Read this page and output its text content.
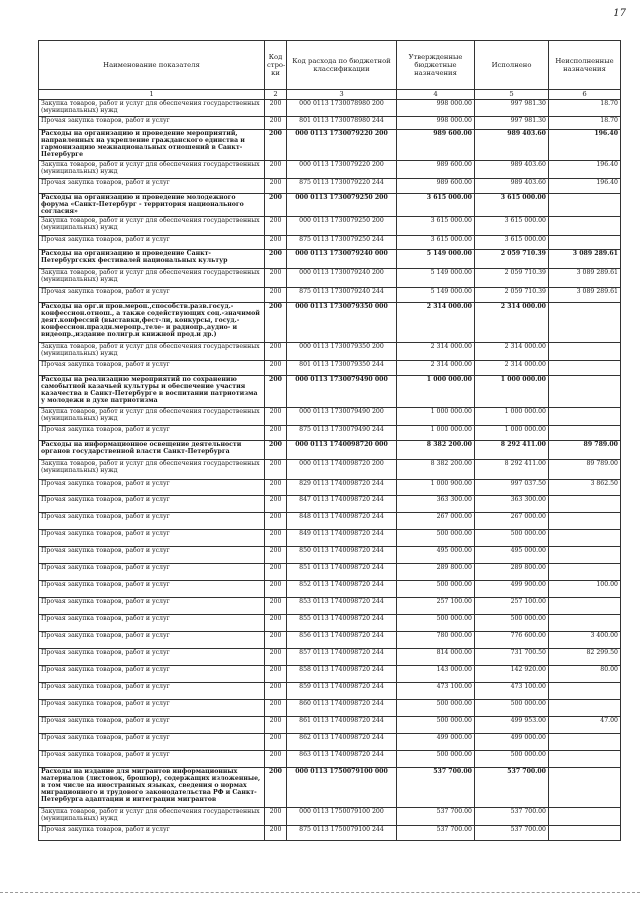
17
Наименование показателя	Код стро-ки	Код расхода по бюджетной классификации	Утвержденные бюджетные назначения	Исполнено	Неисполненные назначения
1	2	3	4	5	6
Закупка товаров, работ и услуг для обеспечения государственных (муниципальных) нужд	200	000 0113 1730078980 200	998 000.00	997 981.30	18.70
Прочая закупка товаров, работ и услуг	200	801 0113 1730078980 244	998 000.00	997 981.30	18.70
Расходы на организацию и проведение мероприятий, направленных на укрепление гражданского единства и гармонизацию межнациональных отношений в Санкт-Петербурге	200	000 0113 1730079220 200	989 600.00	989 403.60	196.40
Закупка товаров, работ и услуг для обеспечения государственных (муниципальных) нужд	200	000 0113 1730079220 200	989 600.00	989 403.60	196.40
Прочая закупка товаров, работ и услуг	200	875 0113 1730079220 244	989 600.00	989 403.60	196.40
Расходы на организацию и проведение молодежного форума «Санкт-Петербург - территория национального согласия»	200	000 0113 1730079250 200	3 615 000.00	3 615 000.00	
Закупка товаров, работ и услуг для обеспечения государственных (муниципальных) нужд	200	000 0113 1730079250 200	3 615 000.00	3 615 000.00	
Прочая закупка товаров, работ и услуг	200	875 0113 1730079250 244	3 615 000.00	3 615 000.00	
Расходы на организацию и проведение Санкт-Петербургских фестивалей национальных культур	200	000 0113 1730079240 000	5 149 000.00	2 059 710.39	3 089 289.61
Закупка товаров, работ и услуг для обеспечения государственных (муниципальных) нужд	200	000 0113 1730079240 200	5 149 000.00	2 059 710.39	3 089 289.61
Прочая закупка товаров, работ и услуг	200	875 0113 1730079240 244	5 149 000.00	2 059 710.39	3 089 289.61
Расходы на орг.и пров.мероп.,способств.разв.госуд.-конфессион.отнош., а также содействующих соц.-значимой деят.конфессий (выставки,фест-ли, конкурсы, госуд.-конфессион.праздн.меропр.,теле- и радиопр.,аудио- и видеопр.,издание полигр.и книжной прод.и др.)	200	000 0113 1730079350 000	2 314 000.00	2 314 000.00	
Закупка товаров, работ и услуг для обеспечения государственных (муниципальных) нужд	200	000 0113 1730079350 200	2 314 000.00	2 314 000.00	
Прочая закупка товаров, работ и услуг	200	801 0113 1730079350 244	2 314 000.00	2 314 000.00	
Расходы на реализацию мероприятий по сохранению самобытной казачьей культуры и обеспечение участия казачества в Санкт-Петербурге в воспитании патриотизма у молодежи в духе патриотизма	200	000 0113 1730079490 000	1 000 000.00	1 000 000.00	
Закупка товаров, работ и услуг для обеспечения государственных (муниципальных) нужд	200	000 0113 1730079490 200	1 000 000.00	1 000 000.00	
Прочая закупка товаров, работ и услуг	200	875 0113 1730079490 244	1 000 000.00	1 000 000.00	
Расходы на информационное освещение деятельности органов государственной власти Санкт-Петербурга	200	000 0113 1740098720 000	8 382 200.00	8 292 411.00	89 789.00
Закупка товаров, работ и услуг для обеспечения государственных (муниципальных) нужд	200	000 0113 1740098720 200	8 382 200.00	8 292 411.00	89 789.00
Прочая закупка товаров, работ и услуг	200	829 0113 1740098720 244	1 000 900.00	997 037.50	3 862.50
Прочая закупка товаров, работ и услуг	200	847 0113 1740098720 244	363 300.00	363 300.00	
Прочая закупка товаров, работ и услуг	200	848 0113 1740098720 244	267 000.00	267 000.00	
Прочая закупка товаров, работ и услуг	200	849 0113 1740098720 244	500 000.00	500 000.00	
Прочая закупка товаров, работ и услуг	200	850 0113 1740098720 244	495 000.00	495 000.00	
Прочая закупка товаров, работ и услуг	200	851 0113 1740098720 244	289 800.00	289 800.00	
Прочая закупка товаров, работ и услуг	200	852 0113 1740098720 244	500 000.00	499 900.00	100.00
Прочая закупка товаров, работ и услуг	200	853 0113 1740098720 244	257 100.00	257 100.00	
Прочая закупка товаров, работ и услуг	200	855 0113 1740098720 244	500 000.00	500 000.00	
Прочая закупка товаров, работ и услуг	200	856 0113 1740098720 244	780 000.00	776 600.00	3 400.00
Прочая закупка товаров, работ и услуг	200	857 0113 1740098720 244	814 000.00	731 700.50	82 299.50
Прочая закупка товаров, работ и услуг	200	858 0113 1740098720 244	143 000.00	142 920.00	80.00
Прочая закупка товаров, работ и услуг	200	859 0113 1740098720 244	473 100.00	473 100.00	
Прочая закупка товаров, работ и услуг	200	860 0113 1740098720 244	500 000.00	500 000.00	
Прочая закупка товаров, работ и услуг	200	861 0113 1740098720 244	500 000.00	499 953.00	47.00
Прочая закупка товаров, работ и услуг	200	862 0113 1740098720 244	499 000.00	499 000.00	
Прочая закупка товаров, работ и услуг	200	863 0113 1740098720 244	500 000.00	500 000.00	
Расходы на издание для мигрантов информационных материалов (листовок, брошюр), содержащих изложенные, в том числе на иностранных языках, сведения о нормах миграционного и трудового законодательства РФ и Санкт-Петербурга адаптации и интеграции мигрантов	200	000 0113 1750079100 000	537 700.00	537 700.00	
Закупка товаров, работ и услуг для обеспечения государственных (муниципальных) нужд	200	000 0113 1750079100 200	537 700.00	537 700.00	
Прочая закупка товаров, работ и услуг	200	875 0113 1750079100 244	537 700.00	537 700.00	
